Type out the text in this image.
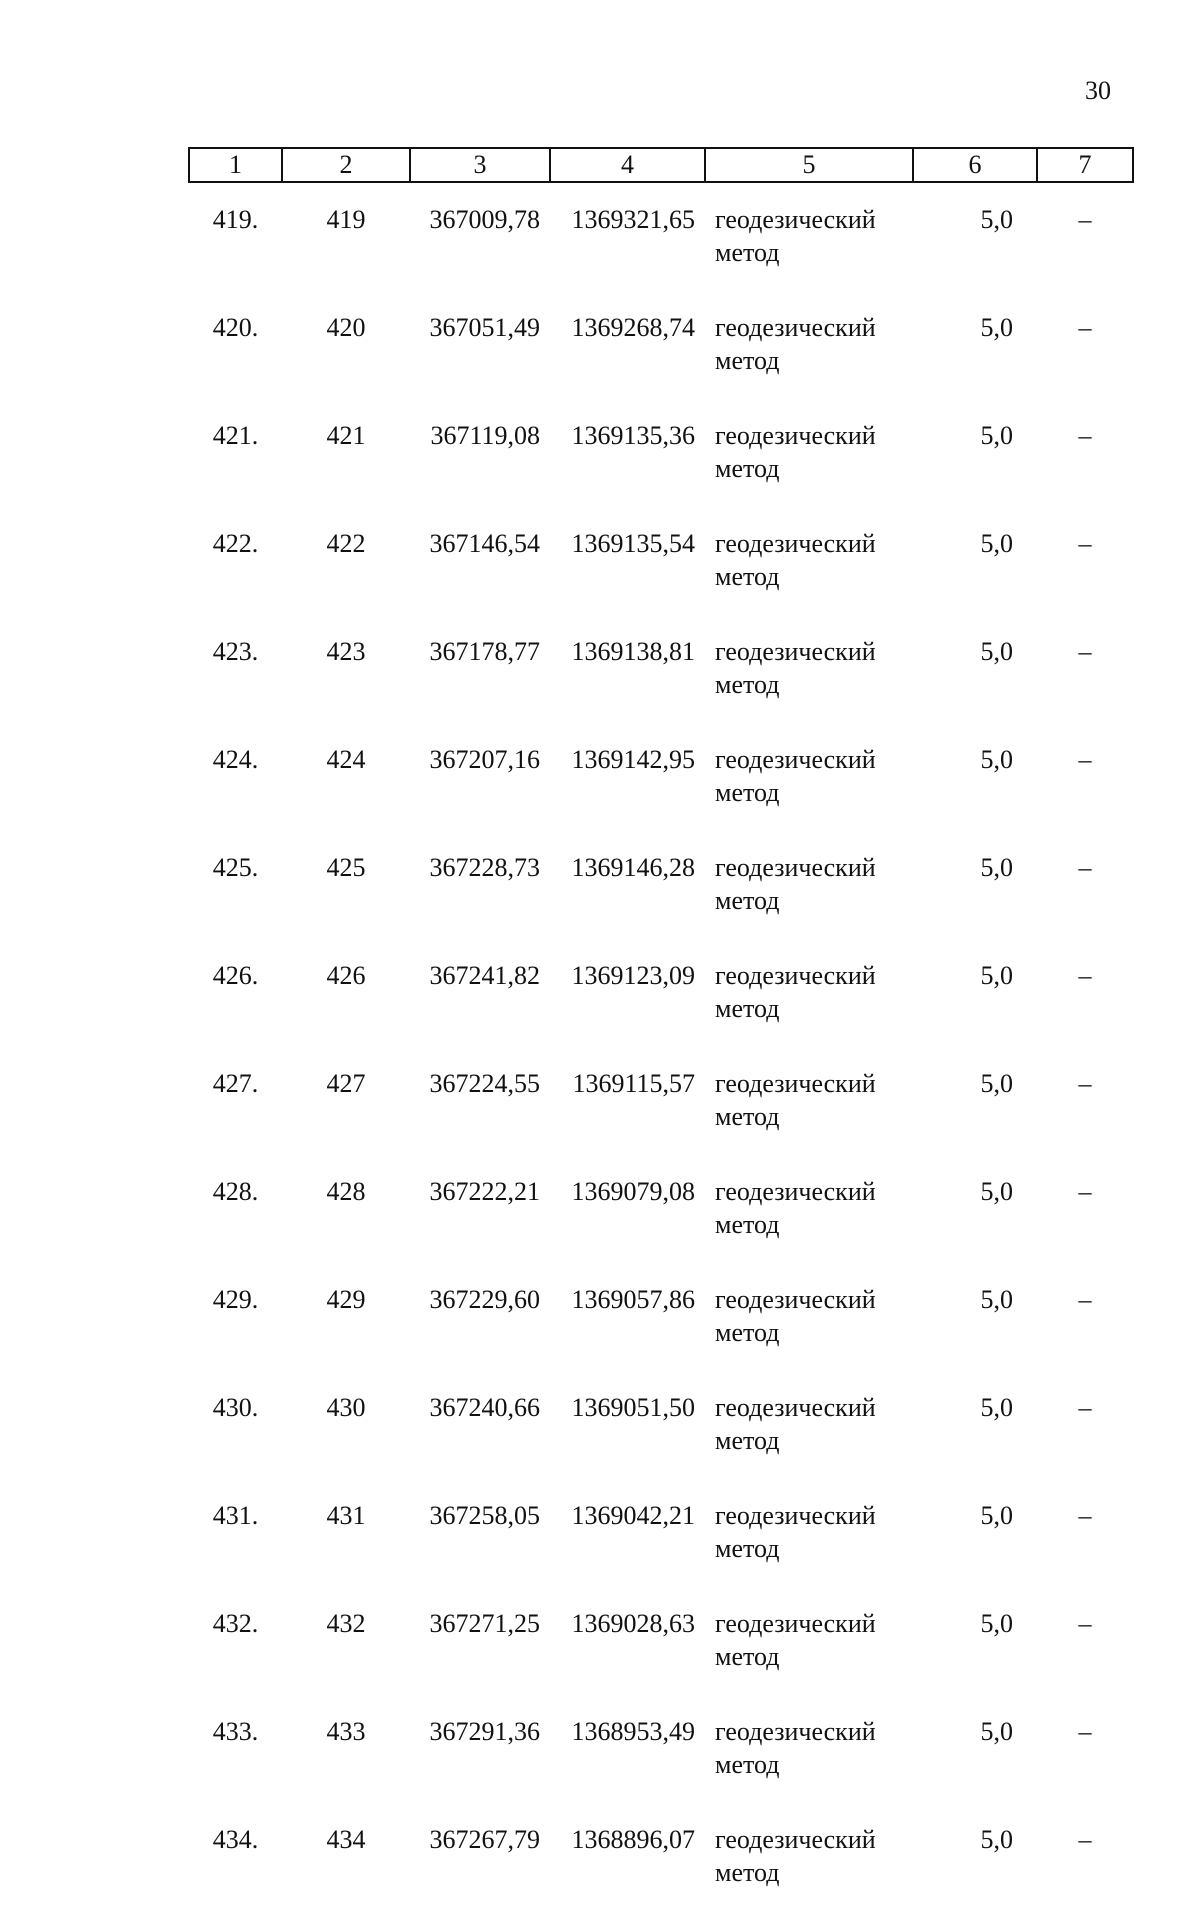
30
1	2	3	4	5	6	7
419.	419	367009,78	1369321,65	геодезический метод	5,0	–
420.	420	367051,49	1369268,74	геодезический метод	5,0	–
421.	421	367119,08	1369135,36	геодезический метод	5,0	–
422.	422	367146,54	1369135,54	геодезический метод	5,0	–
423.	423	367178,77	1369138,81	геодезический метод	5,0	–
424.	424	367207,16	1369142,95	геодезический метод	5,0	–
425.	425	367228,73	1369146,28	геодезический метод	5,0	–
426.	426	367241,82	1369123,09	геодезический метод	5,0	–
427.	427	367224,55	1369115,57	геодезический метод	5,0	–
428.	428	367222,21	1369079,08	геодезический метод	5,0	–
429.	429	367229,60	1369057,86	геодезический метод	5,0	–
430.	430	367240,66	1369051,50	геодезический метод	5,0	–
431.	431	367258,05	1369042,21	геодезический метод	5,0	–
432.	432	367271,25	1369028,63	геодезический метод	5,0	–
433.	433	367291,36	1368953,49	геодезический метод	5,0	–
434.	434	367267,79	1368896,07	геодезический метод	5,0	–
